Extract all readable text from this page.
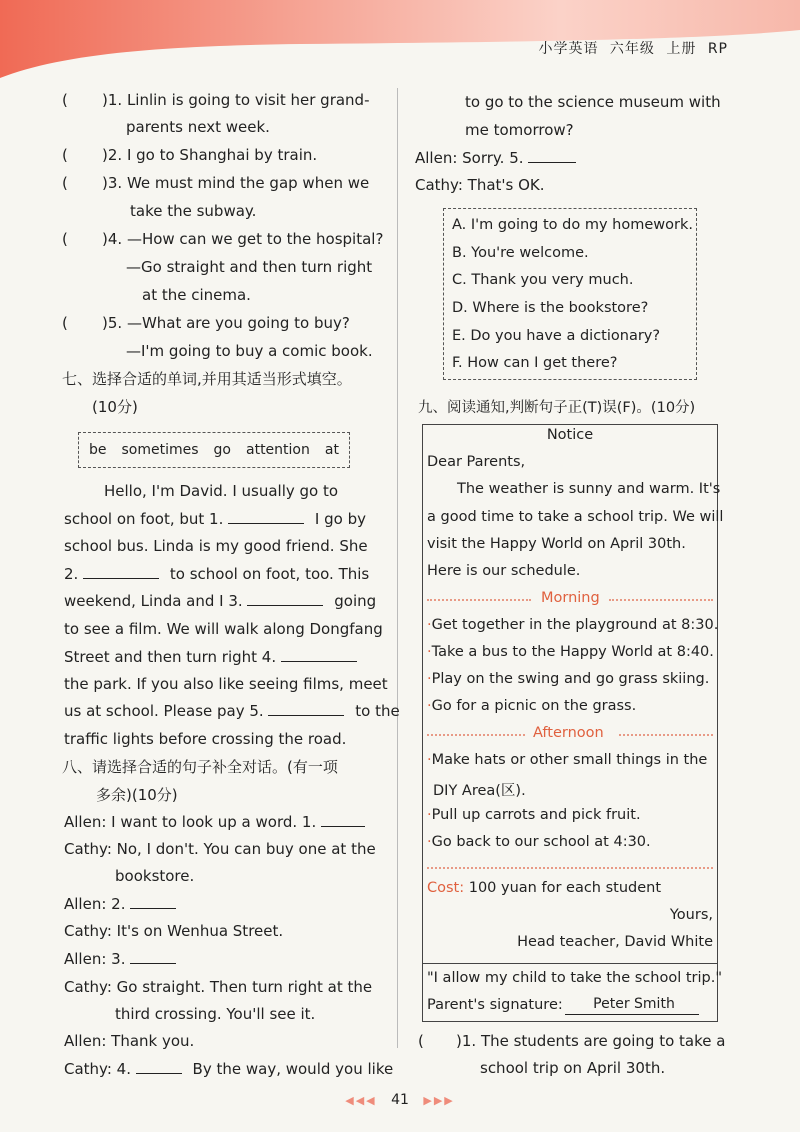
小学英语 六年级 上册 RP
( )1. Linlin is going to visit her grand-
parents next week.
( )2. I go to Shanghai by train.
( )3. We must mind the gap when we
take the subway.
( )4. —How can we get to the hospital?
—Go straight and then turn right
at the cinema.
( )5. —What are you going to buy?
—I'm going to buy a comic book.
七、选择合适的单词,并用其适当形式填空。
(10分)
be sometimes go attention at
Hello, I'm David. I usually go to
school on foot, but 1.	I go by
school bus. Linda is my good friend. She
2.	to school on foot, too. This
weekend, Linda and I 3.	going
to see a film. We will walk along Dongfang
Street and then turn right 4.
the park. If you also like seeing films, meet
us at school. Please pay 5.	to the
traffic lights before crossing the road.
八、请选择合适的句子补全对话。(有一项
多余)(10分)
Allen: I want to look up a word. 1.
Cathy: No, I don't. You can buy one at the
bookstore.
Allen: 2.
Cathy: It's on Wenhua Street.
Allen: 3.
Cathy: Go straight. Then turn right at the
third crossing. You'll see it.
Allen: Thank you.
Cathy: 4.	By the way, would you like
to go to the science museum with
me tomorrow?
Allen: Sorry. 5.
Cathy: That's OK.
A. I'm going to do my homework.
B. You're welcome.
C. Thank you very much.
D. Where is the bookstore?
E. Do you have a dictionary?
F. How can I get there?
九、阅读通知,判断句子正(T)误(F)。(10分)
Notice
Dear Parents,
The weather is sunny and warm. It's
a good time to take a school trip. We will
visit the Happy World on April 30th.
Here is our schedule.
Morning
·Get together in the playground at 8:30.
·Take a bus to the Happy World at 8:40.
·Play on the swing and go grass skiing.
·Go for a picnic on the grass.
Afternoon
·Make hats or other small things in the
DIY Area(区).
·Pull up carrots and pick fruit.
·Go back to our school at 4:30.
Cost: 100 yuan for each student
Yours,
Head teacher, David White
"I allow my child to take the school trip."
Parent's signature:	Peter Smith
( )1. The students are going to take a
school trip on April 30th.
◀◀◀ 41 ▶▶▶
